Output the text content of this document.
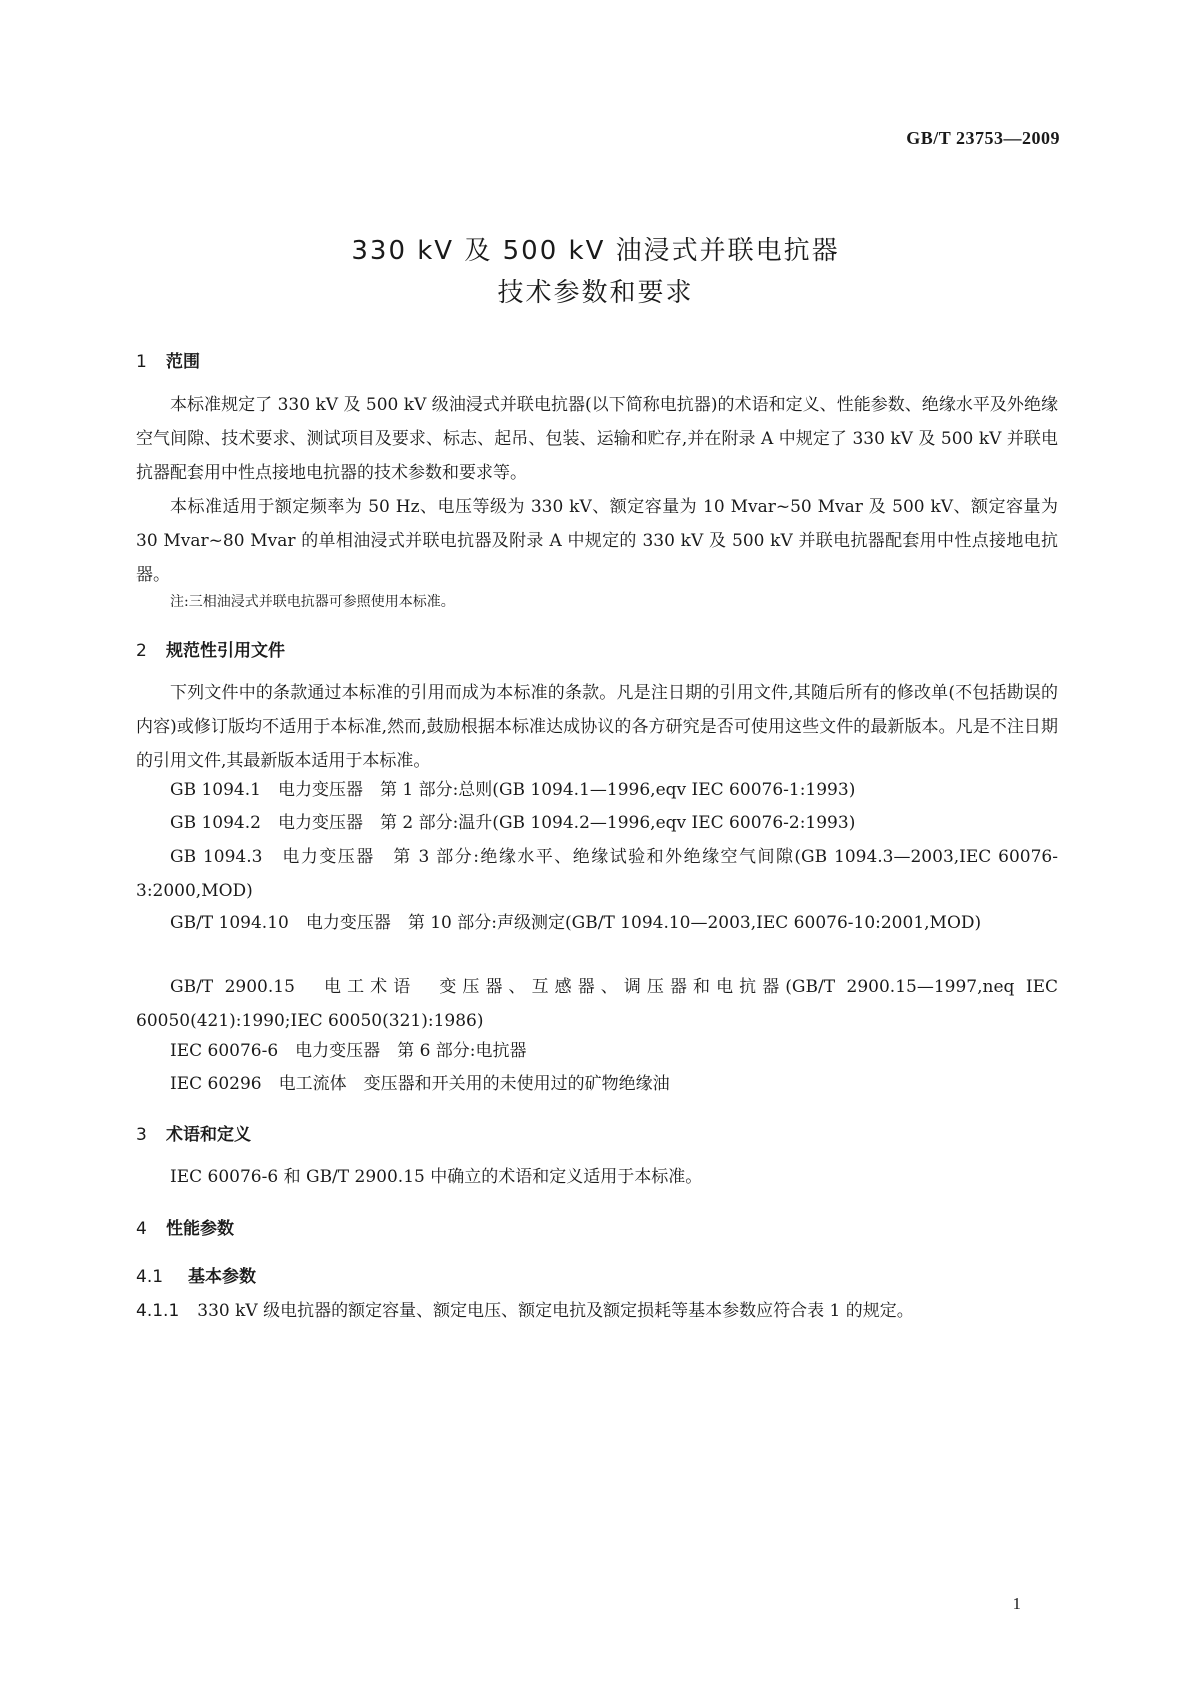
GB/T 23753—2009
330 kV 及 500 kV 油浸式并联电抗器
技术参数和要求
1 范围
本标准规定了 330 kV 及 500 kV 级油浸式并联电抗器(以下简称电抗器)的术语和定义、性能参数、绝缘水平及外绝缘空气间隙、技术要求、测试项目及要求、标志、起吊、包装、运输和贮存,并在附录 A 中规定了 330 kV 及 500 kV 并联电抗器配套用中性点接地电抗器的技术参数和要求等。
本标准适用于额定频率为 50 Hz、电压等级为 330 kV、额定容量为 10 Mvar~50 Mvar 及 500 kV、额定容量为 30 Mvar~80 Mvar 的单相油浸式并联电抗器及附录 A 中规定的 330 kV 及 500 kV 并联电抗器配套用中性点接地电抗器。
注:三相油浸式并联电抗器可参照使用本标准。
2 规范性引用文件
下列文件中的条款通过本标准的引用而成为本标准的条款。凡是注日期的引用文件,其随后所有的修改单(不包括勘误的内容)或修订版均不适用于本标准,然而,鼓励根据本标准达成协议的各方研究是否可使用这些文件的最新版本。凡是不注日期的引用文件,其最新版本适用于本标准。
GB 1094.1　电力变压器　第 1 部分:总则(GB 1094.1—1996,eqv IEC 60076-1:1993)
GB 1094.2　电力变压器　第 2 部分:温升(GB 1094.2—1996,eqv IEC 60076-2:1993)
GB 1094.3　电力变压器　第 3 部分:绝缘水平、绝缘试验和外绝缘空气间隙(GB 1094.3—2003,IEC 60076-3:2000,MOD)
GB/T 1094.10　电力变压器　第 10 部分:声级测定(GB/T 1094.10—2003,IEC 60076-10:2001,MOD)
GB/T 2900.15　电工术语　变压器、互感器、调压器和电抗器(GB/T 2900.15—1997,neq IEC 60050(421):1990;IEC 60050(321):1986)
IEC 60076-6　电力变压器　第 6 部分:电抗器
IEC 60296　电工流体　变压器和开关用的未使用过的矿物绝缘油
3 术语和定义
IEC 60076-6 和 GB/T 2900.15 中确立的术语和定义适用于本标准。
4 性能参数
4.1 基本参数
4.1.1 330 kV 级电抗器的额定容量、额定电压、额定电抗及额定损耗等基本参数应符合表 1 的规定。
1
